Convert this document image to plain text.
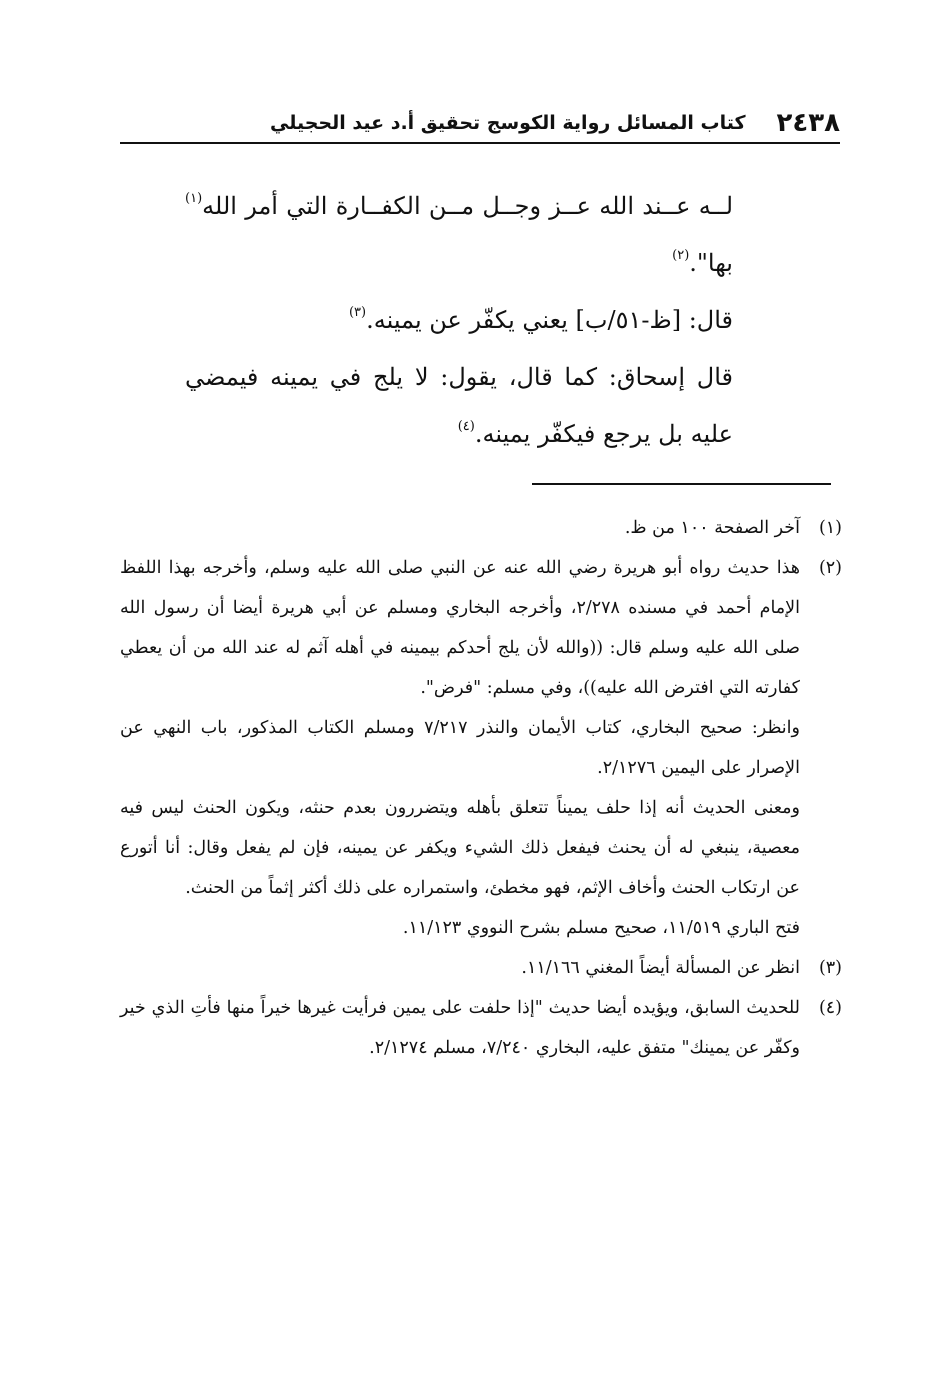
٢٤٣٨
كتاب المسائل رواية الكوسج تحقيق أ.د عيد الحجيلي

لــه عــند الله عــز وجــل مــن الكفــارة التي أمر الله$^{(١)}$

بها".$^{(٢)}$

قال: [ظ-٥١/ب] يعني يكفّر عن يمينه.$^{(٣)}$

قال إسحاق: كما قال، يقول: لا يلج في يمينه فيمضي عليه بل يرجع فيكفّر يمينه.$^{(٤)}$

(١)
آخر الصفحة ١٠٠ من ظ.

(٢)
هذا حديث رواه أبو هريرة رضي الله عنه عن النبي صلى الله عليه وسلم، وأخرجه بهذا اللفظ الإمام أحمد في مسنده ٢/٢٧٨، وأخرجه البخاري ومسلم عن أبي هريرة أيضا أن رسول الله صلى الله عليه وسلم قال: ((والله لأن يلج أحدكم بيمينه في أهله آثم له عند الله من أن يعطي كفارته التي افترض الله عليه))، وفي مسلم: "فرض".

وانظر: صحيح البخاري، كتاب الأيمان والنذر ٧/٢١٧ ومسلم الكتاب المذكور، باب النهي عن الإصرار على اليمين ٢/١٢٧٦.

ومعنى الحديث أنه إذا حلف يميناً تتعلق بأهله ويتضررون بعدم حنثه، ويكون الحنث ليس فيه معصية، ينبغي له أن يحنث فيفعل ذلك الشيء ويكفر عن يمينه، فإن لم يفعل وقال: أنا أتورع عن ارتكاب الحنث وأخاف الإثم، فهو مخطئ، واستمراره على ذلك أكثر إثماً من الحنث.

فتح الباري ١١/٥١٩، صحيح مسلم بشرح النووي ١١/١٢٣.

(٣)
انظر عن المسألة أيضاً المغني ١١/١٦٦.

(٤)
للحديث السابق، ويؤيده أيضا حديث "إذا حلفت على يمين فرأيت غيرها خيراً منها فأتِ الذي خير وكفّر عن يمينك" متفق عليه، البخاري ٧/٢٤٠، مسلم ٢/١٢٧٤.
